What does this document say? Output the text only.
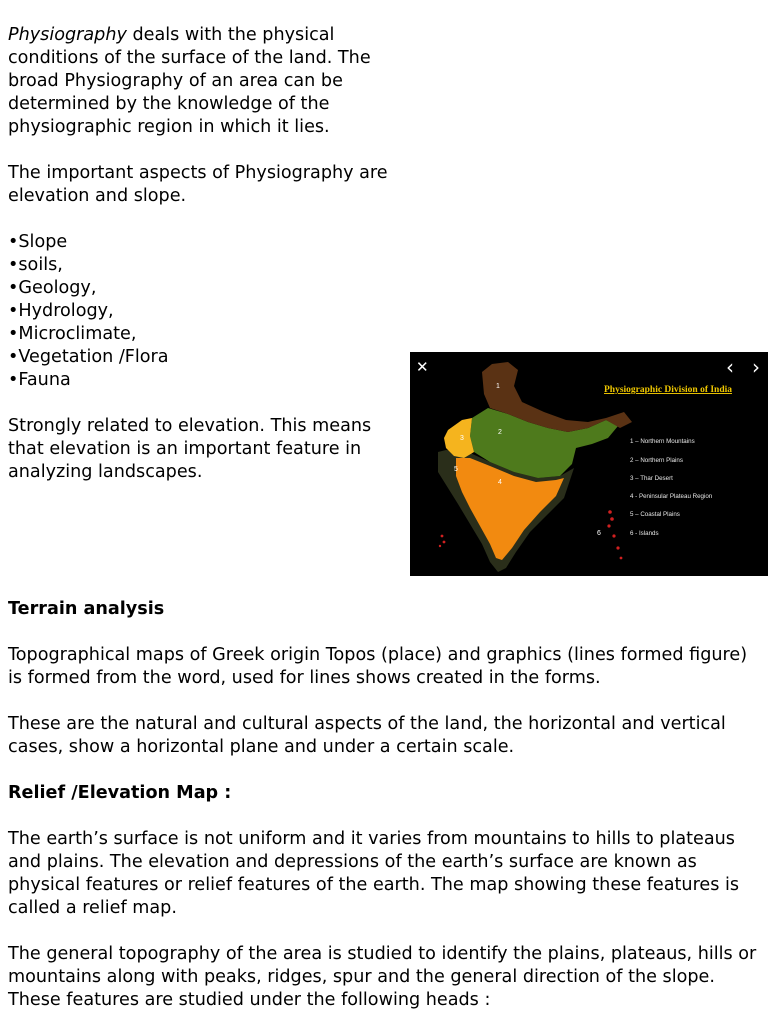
Physiography deals with the physical conditions of the surface of the land. The broad Physiography of an area can be determined by the knowledge of the physiographic region in which it lies.

The important aspects of Physiography are elevation and slope.

• Slope
• soils,
• Geology,
• Hydrology,
• Microclimate,
• Vegetation /Flora
• Fauna

Strongly related to elevation. This means that elevation is an important feature in analyzing landscapes.

1
2
3
4
5
6
Physiographic Division of India
1 – Northern Mountains
2 – Northern Plains
3 – Thar Desert
4 - Peninsular Plateau Region
5 – Coastal Plains
6 - Islands
✕	‹ ›
Terrain analysis

Topographical maps of Greek origin Topos (place) and graphics (lines formed figure) is formed from the word, used for lines shows created in the forms.

These are the natural and cultural aspects of the land, the horizontal and vertical cases, show a horizontal plane and under a certain scale.

Relief /Elevation Map :

The earth’s surface is not uniform and it varies from mountains to hills to plateaus and plains. The elevation and depressions of the earth’s surface are known as physical features or relief features of the earth. The map showing these features is called a relief map.

The general topography of the area is studied to identify the plains, plateaus, hills or mountains along with peaks, ridges, spur and the general direction of the slope. These features are studied under the following heads :
